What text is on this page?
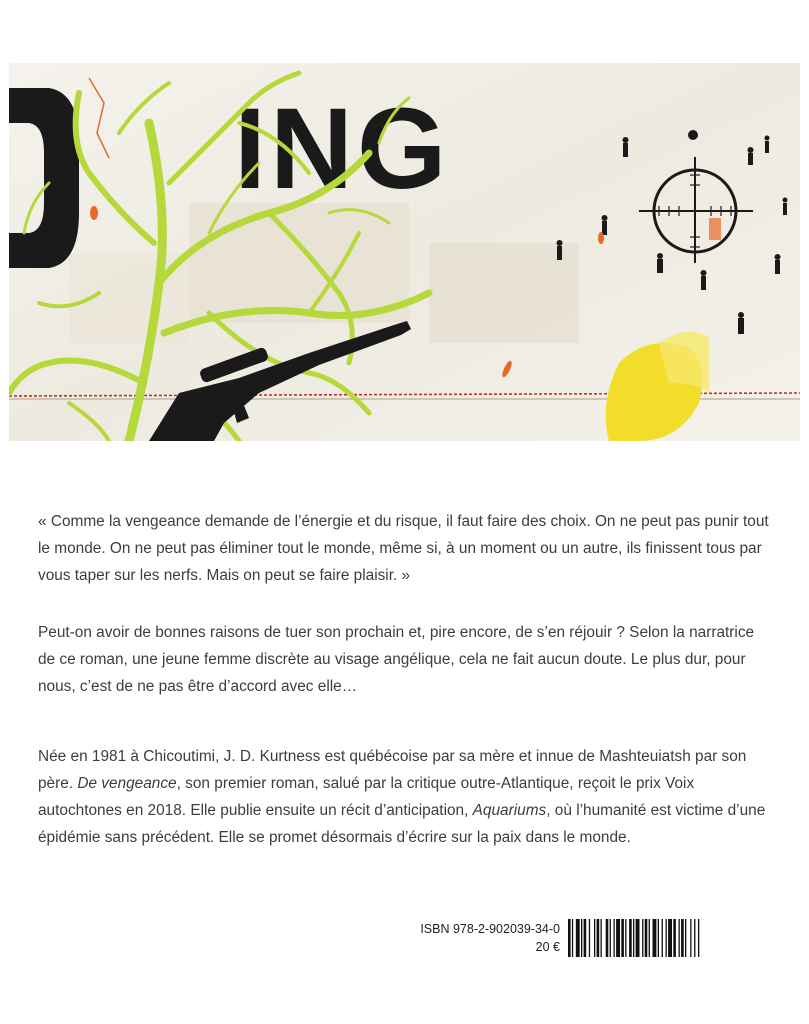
ING

« Comme la vengeance demande de l’énergie et du risque, il faut faire des choix. On ne peut pas punir tout le monde. On ne peut pas éliminer tout le monde, même si, à un moment ou un autre, ils finissent tous par vous taper sur les nerfs. Mais on peut se faire plaisir. »

Peut-on avoir de bonnes raisons de tuer son prochain et, pire encore, de s’en réjouir ? Selon la narratrice de ce roman, une jeune femme discrète au visage angélique, cela ne fait aucun doute. Le plus dur, pour nous, c’est de ne pas être d’accord avec elle…

Née en 1981 à Chicoutimi, J. D. Kurtness est québécoise par sa mère et innue de Mashteuiatsh par son père. De vengeance, son premier roman, salué par la critique outre-Atlantique, reçoit le prix Voix autochtones en 2018. Elle publie ensuite un récit d’anticipation, Aquariums, où l’humanité est victime d’une épidémie sans précédent. Elle se promet désormais d’écrire sur la paix dans le monde.

ISBN 978-2-902039-34-0
20 €
